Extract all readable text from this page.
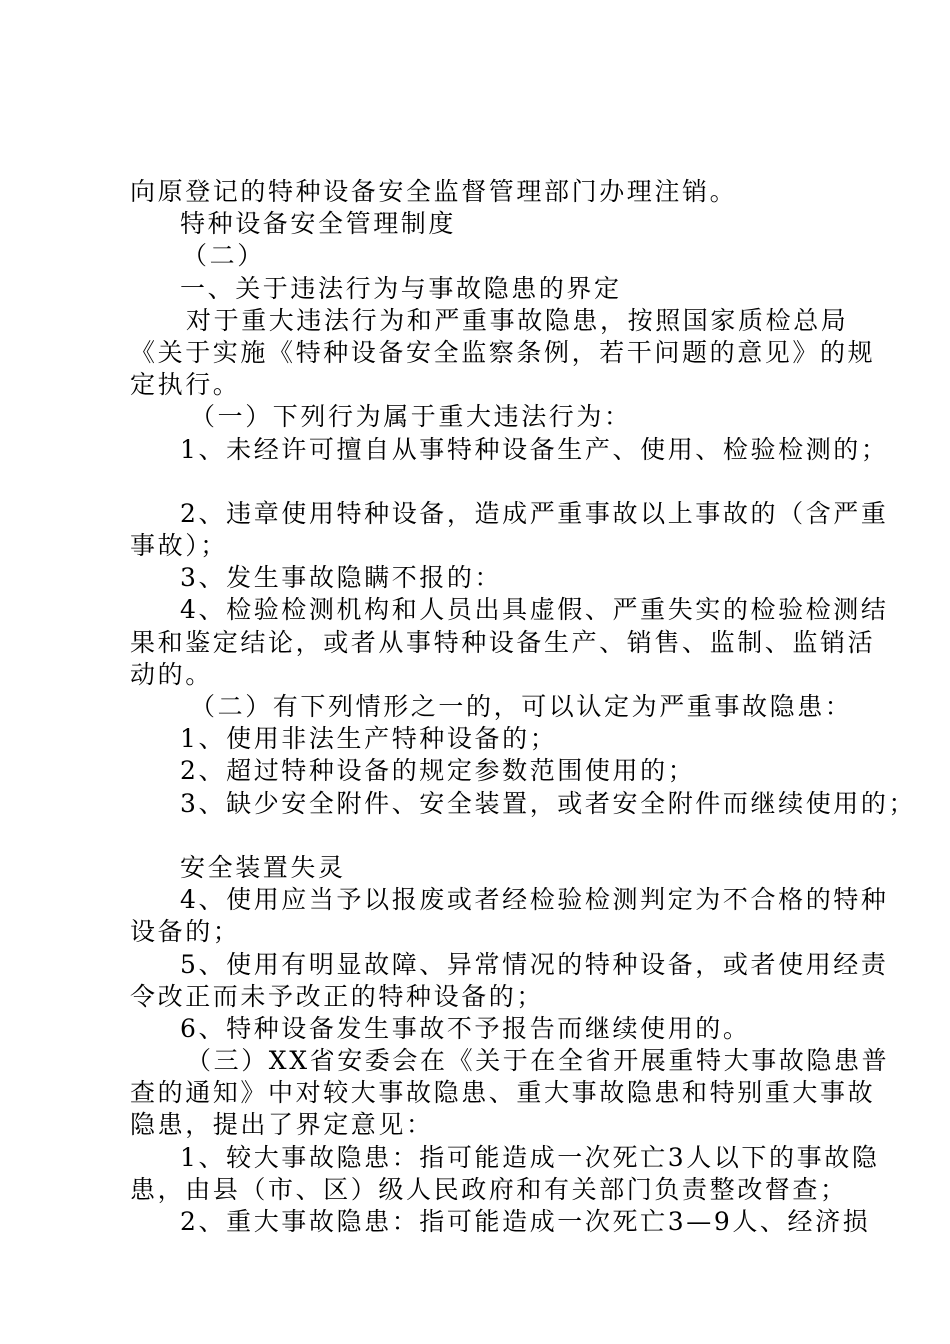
向原登记的特种设备安全监督管理部门办理注销。
特种设备安全管理制度
（二）
一、关于违法行为与事故隐患的界定
对于重大违法行为和严重事故隐患，按照国家质检总局
《关于实施《特种设备安全监察条例，若干问题的意见》的规
定执行。
（一）下列行为属于重大违法行为：
1、未经许可擅自从事特种设备生产、使用、检验检测的；
2、违章使用特种设备，造成严重事故以上事故的（含严重
事故）；
3、发生事故隐瞒不报的：
4、检验检测机构和人员出具虚假、严重失实的检验检测结
果和鉴定结论，或者从事特种设备生产、销售、监制、监销活
动的。
（二）有下列情形之一的，可以认定为严重事故隐患：
1、使用非法生产特种设备的；
2、超过特种设备的规定参数范围使用的；
3、缺少安全附件、安全装置，或者安全附件而继续使用的；
安全装置失灵
4、使用应当予以报废或者经检验检测判定为不合格的特种
设备的；
5、使用有明显故障、异常情况的特种设备，或者使用经责
令改正而未予改正的特种设备的；
6、特种设备发生事故不予报告而继续使用的。
（三）XX省安委会在《关于在全省开展重特大事故隐患普
查的通知》中对较大事故隐患、重大事故隐患和特别重大事故
隐患，提出了界定意见：
1、较大事故隐患：指可能造成一次死亡3人以下的事故隐
患，由县（市、区）级人民政府和有关部门负责整改督查；
2、重大事故隐患：指可能造成一次死亡3—9人、经济损
